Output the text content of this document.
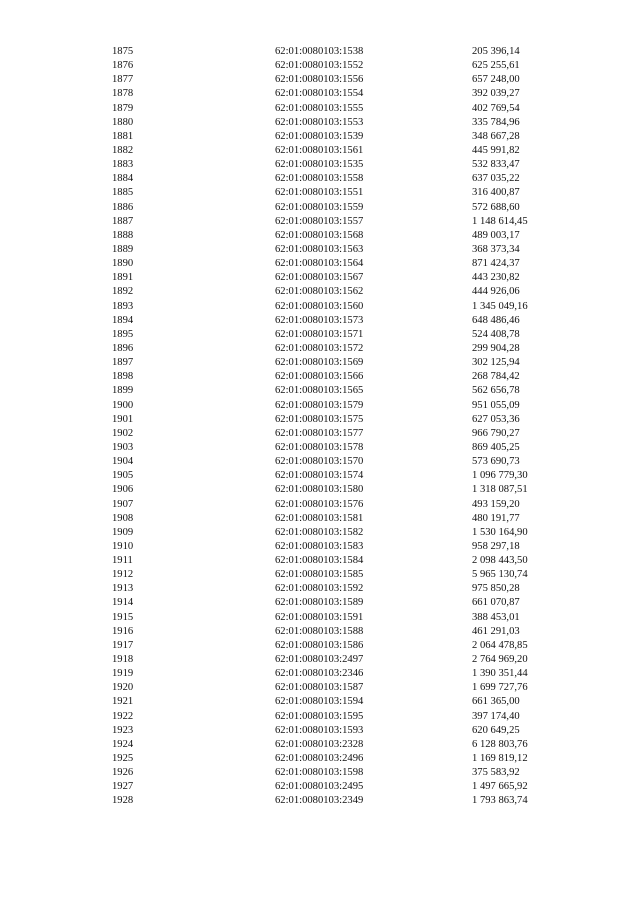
1875	62:01:0080103:1538	205 396,14
1876	62:01:0080103:1552	625 255,61
1877	62:01:0080103:1556	657 248,00
1878	62:01:0080103:1554	392 039,27
1879	62:01:0080103:1555	402 769,54
1880	62:01:0080103:1553	335 784,96
1881	62:01:0080103:1539	348 667,28
1882	62:01:0080103:1561	445 991,82
1883	62:01:0080103:1535	532 833,47
1884	62:01:0080103:1558	637 035,22
1885	62:01:0080103:1551	316 400,87
1886	62:01:0080103:1559	572 688,60
1887	62:01:0080103:1557	1 148 614,45
1888	62:01:0080103:1568	489 003,17
1889	62:01:0080103:1563	368 373,34
1890	62:01:0080103:1564	871 424,37
1891	62:01:0080103:1567	443 230,82
1892	62:01:0080103:1562	444 926,06
1893	62:01:0080103:1560	1 345 049,16
1894	62:01:0080103:1573	648 486,46
1895	62:01:0080103:1571	524 408,78
1896	62:01:0080103:1572	299 904,28
1897	62:01:0080103:1569	302 125,94
1898	62:01:0080103:1566	268 784,42
1899	62:01:0080103:1565	562 656,78
1900	62:01:0080103:1579	951 055,09
1901	62:01:0080103:1575	627 053,36
1902	62:01:0080103:1577	966 790,27
1903	62:01:0080103:1578	869 405,25
1904	62:01:0080103:1570	573 690,73
1905	62:01:0080103:1574	1 096 779,30
1906	62:01:0080103:1580	1 318 087,51
1907	62:01:0080103:1576	493 159,20
1908	62:01:0080103:1581	480 191,77
1909	62:01:0080103:1582	1 530 164,90
1910	62:01:0080103:1583	958 297,18
1911	62:01:0080103:1584	2 098 443,50
1912	62:01:0080103:1585	5 965 130,74
1913	62:01:0080103:1592	975 850,28
1914	62:01:0080103:1589	661 070,87
1915	62:01:0080103:1591	388 453,01
1916	62:01:0080103:1588	461 291,03
1917	62:01:0080103:1586	2 064 478,85
1918	62:01:0080103:2497	2 764 969,20
1919	62:01:0080103:2346	1 390 351,44
1920	62:01:0080103:1587	1 699 727,76
1921	62:01:0080103:1594	661 365,00
1922	62:01:0080103:1595	397 174,40
1923	62:01:0080103:1593	620 649,25
1924	62:01:0080103:2328	6 128 803,76
1925	62:01:0080103:2496	1 169 819,12
1926	62:01:0080103:1598	375 583,92
1927	62:01:0080103:2495	1 497 665,92
1928	62:01:0080103:2349	1 793 863,74
